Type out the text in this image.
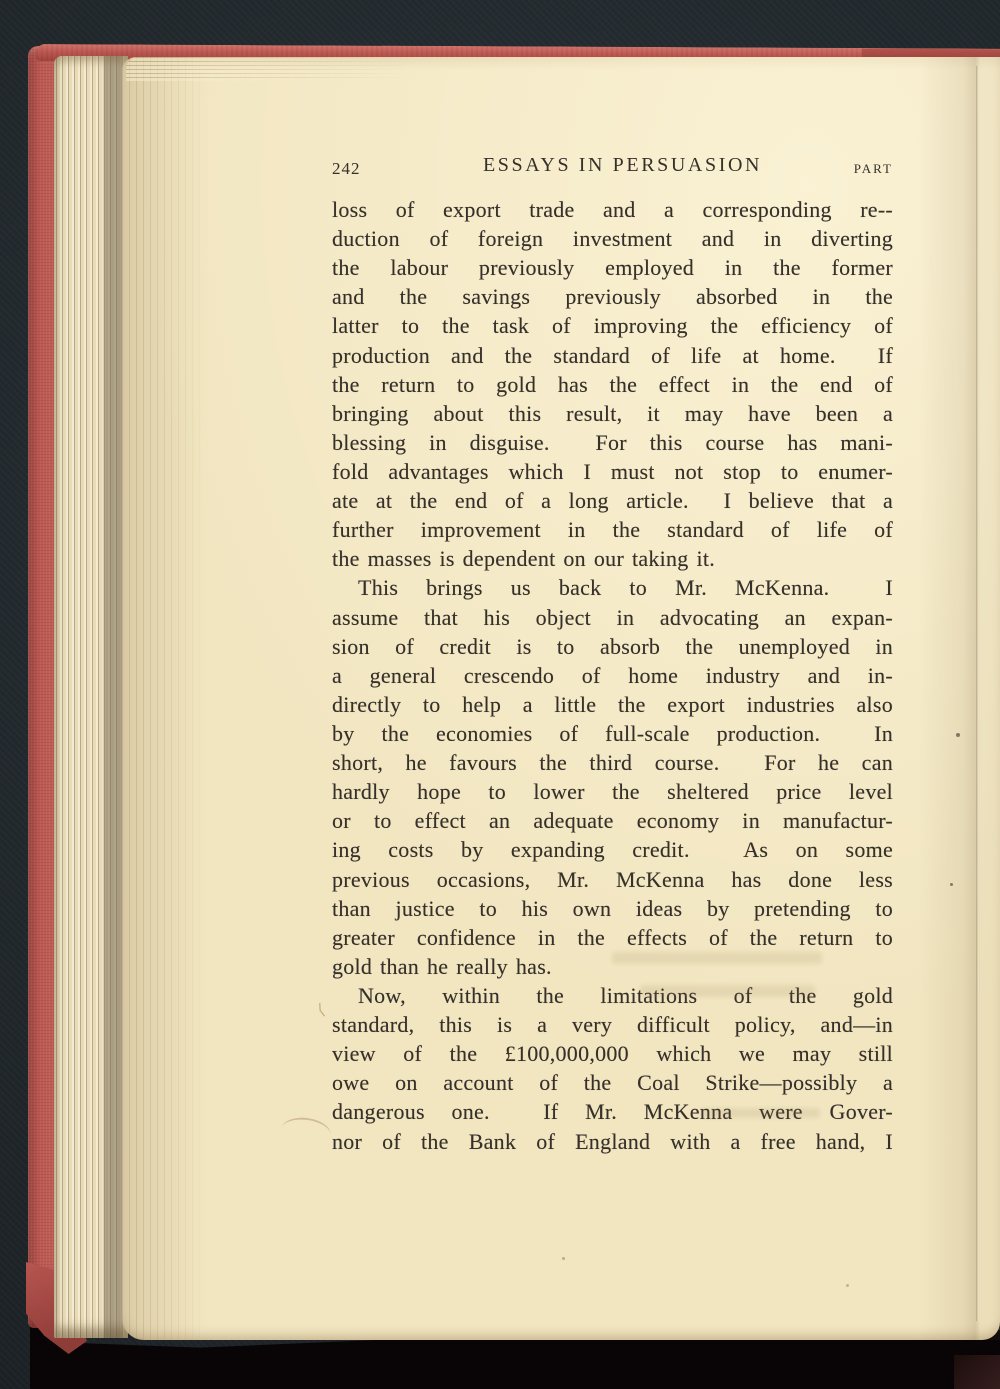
242	ESSAYS IN PERSUASION	PART
loss of export trade and a corresponding re--
duction of foreign investment and in diverting
the labour previously employed in the former
and the savings previously absorbed in the
latter to the task of improving the efficiency of
production and the standard of life at home.  If
the return to gold has the effect in the end of
bringing about this result, it may have been a
blessing in disguise.  For this course has mani-
fold advantages which I must not stop to enumer-
ate at the end of a long article.  I believe that a
further improvement in the standard of life of
the masses is dependent on our taking it.
This brings us back to Mr. McKenna.  I
assume that his object in advocating an expan-
sion of credit is to absorb the unemployed in
a general crescendo of home industry and in-
directly to help a little the export industries also
by the economies of full-scale production.  In
short, he favours the third course.  For he can
hardly hope to lower the sheltered price level
or to effect an adequate economy in manufactur-
ing costs by expanding credit.  As on some
previous occasions, Mr. McKenna has done less
than justice to his own ideas by pretending to
greater confidence in the effects of the return to
gold than he really has.
Now, within the limitations of the gold
standard, this is a very difficult policy, and—in
view of the £100,000,000 which we may still
owe on account of the Coal Strike—possibly a
dangerous one.  If Mr. McKenna were Gover-
nor of the Bank of England with a free hand, I
⟨
